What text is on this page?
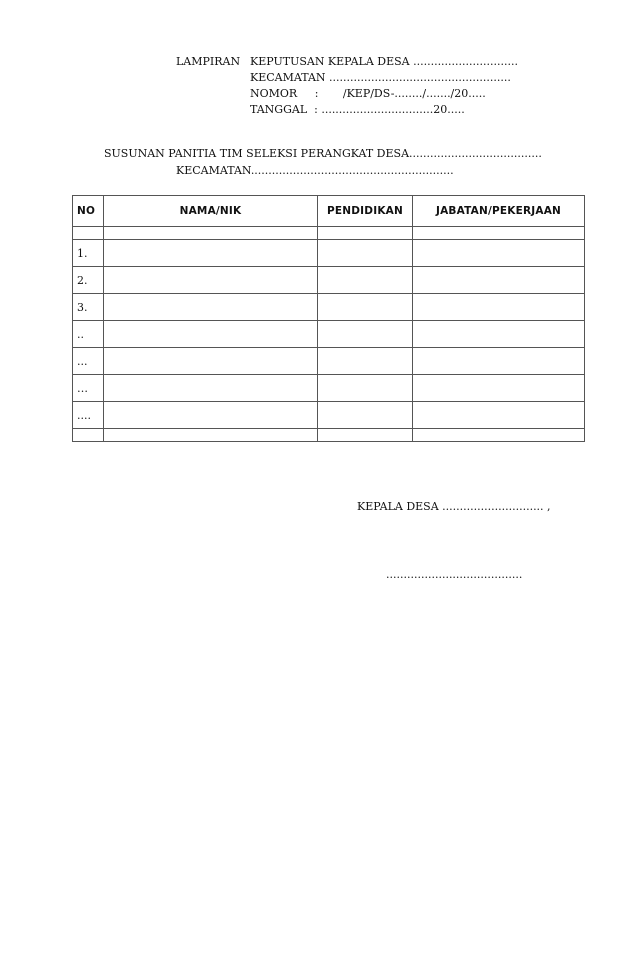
LAMPIRAN KEPUTUSAN KEPALA DESA ..............................
KECAMATAN ....................................................
NOMOR     :       /KEP/DS-......../......./20.....
TANGGAL  : ................................20.....
SUSUNAN PANITIA TIM SELEKSI PERANGKAT DESA......................................
KECAMATAN..........................................................
NO	NAMA/NIK	PENDIDIKAN	JABATAN/PEKERJAAN

1.			
2.			
3.			
..			
...			
…			
....			

KEPALA DESA ............................. ,
.......................................
